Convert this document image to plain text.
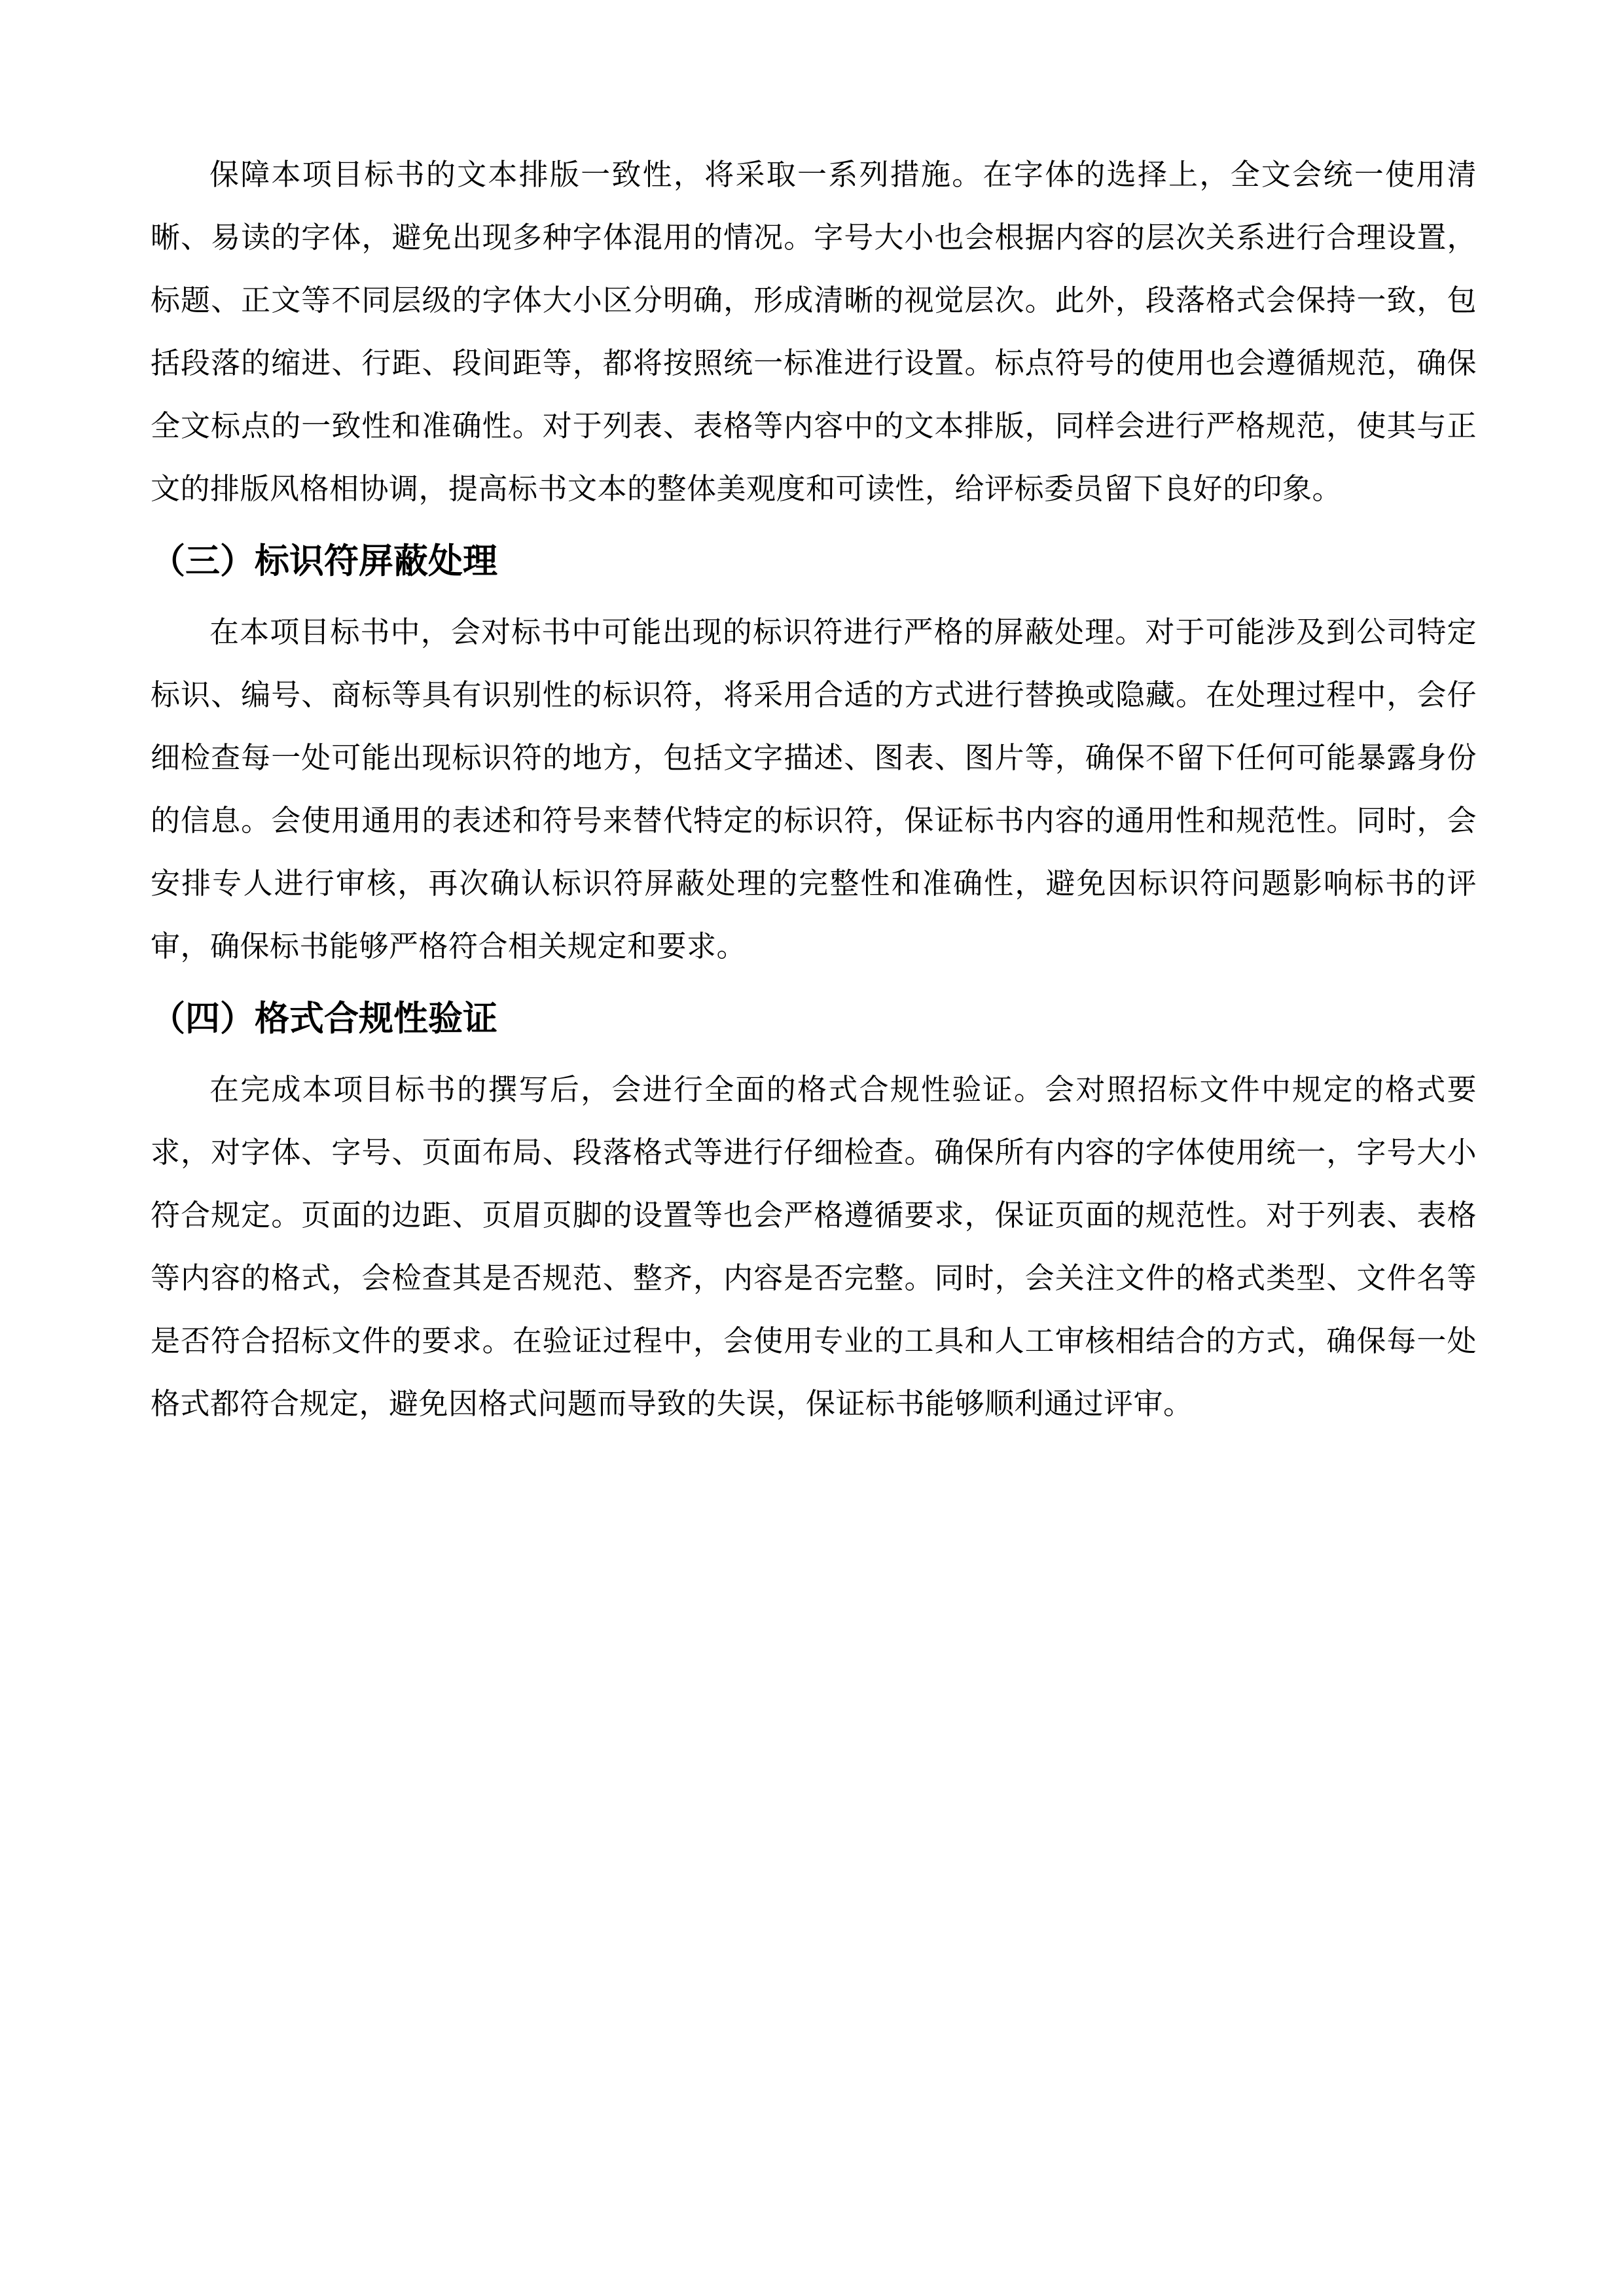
保障本项目标书的文本排版一致性，将采取一系列措施。在字体的选择上，全文会统一使用清晰、易读的字体，避免出现多种字体混用的情况。字号大小也会根据内容的层次关系进行合理设置，标题、正文等不同层级的字体大小区分明确，形成清晰的视觉层次。此外，段落格式会保持一致，包括段落的缩进、行距、段间距等，都将按照统一标准进行设置。标点符号的使用也会遵循规范，确保全文标点的一致性和准确性。对于列表、表格等内容中的文本排版，同样会进行严格规范，使其与正文的排版风格相协调，提高标书文本的整体美观度和可读性，给评标委员留下良好的印象。

（三）标识符屏蔽处理

在本项目标书中，会对标书中可能出现的标识符进行严格的屏蔽处理。对于可能涉及到公司特定标识、编号、商标等具有识别性的标识符，将采用合适的方式进行替换或隐藏。在处理过程中，会仔细检查每一处可能出现标识符的地方，包括文字描述、图表、图片等，确保不留下任何可能暴露身份的信息。会使用通用的表述和符号来替代特定的标识符，保证标书内容的通用性和规范性。同时，会安排专人进行审核，再次确认标识符屏蔽处理的完整性和准确性，避免因标识符问题影响标书的评审，确保标书能够严格符合相关规定和要求。

（四）格式合规性验证

在完成本项目标书的撰写后，会进行全面的格式合规性验证。会对照招标文件中规定的格式要求，对字体、字号、页面布局、段落格式等进行仔细检查。确保所有内容的字体使用统一，字号大小符合规定。页面的边距、页眉页脚的设置等也会严格遵循要求，保证页面的规范性。对于列表、表格等内容的格式，会检查其是否规范、整齐，内容是否完整。同时，会关注文件的格式类型、文件名等是否符合招标文件的要求。在验证过程中，会使用专业的工具和人工审核相结合的方式，确保每一处格式都符合规定，避免因格式问题而导致的失误，保证标书能够顺利通过评审。
